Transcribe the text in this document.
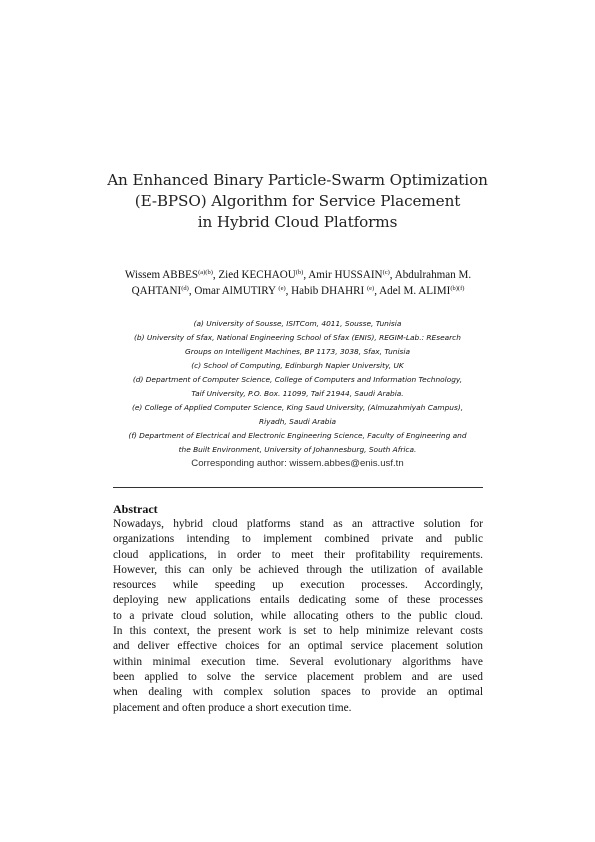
An Enhanced Binary Particle-Swarm Optimization
(E-BPSO) Algorithm for Service Placement
in Hybrid Cloud Platforms
Wissem $ABBES^{(a)(b)}$, Zied KECHAOU$^{(b)}$, Amir HUSSAIN$^{(c)}$, Abdulrahman M.
QAHTANI$^{(d)}$, Omar AlMUTIRY $^{(e)}$, Habib DHAHRI $^{(e)}$, Adel M. $ALIMI^{(b)(f)}$
(a) University of Sousse, ISITCom, 4011, Sousse, Tunisia
(b) University of Sfax, National Engineering School of Sfax (ENIS), REGIM-Lab.: REsearch
Groups on Intelligent Machines, BP 1173, 3038, Sfax, Tunisia
(c) School of Computing, Edinburgh Napier University, UK
(d) Department of Computer Science, College of Computers and Information Technology,
Taif University, P.O. Box. 11099, Taif 21944, Saudi Arabia.
(e) College of Applied Computer Science, King Saud University, (Almuzahmiyah Campus),
Riyadh, Saudi Arabia
(f) Department of Electrical and Electronic Engineering Science, Faculty of Engineering and
the Built Environment, University of Johannesburg, South Africa.
Corresponding author: wissem.abbes@enis.usf.tn
Abstract
Nowadays, hybrid cloud platforms stand as an attractive solution for
organizations intending to implement combined private and public
cloud applications, in order to meet their profitability requirements.
However, this can only be achieved through the utilization of available
resources while speeding up execution processes. Accordingly,
deploying new applications entails dedicating some of these processes
to a private cloud solution, while allocating others to the public cloud.
In this context, the present work is set to help minimize relevant costs
and deliver effective choices for an optimal service placement solution
within minimal execution time. Several evolutionary algorithms have
been applied to solve the service placement problem and are used
when dealing with complex solution spaces to provide an optimal
placement and often produce a short execution time.
